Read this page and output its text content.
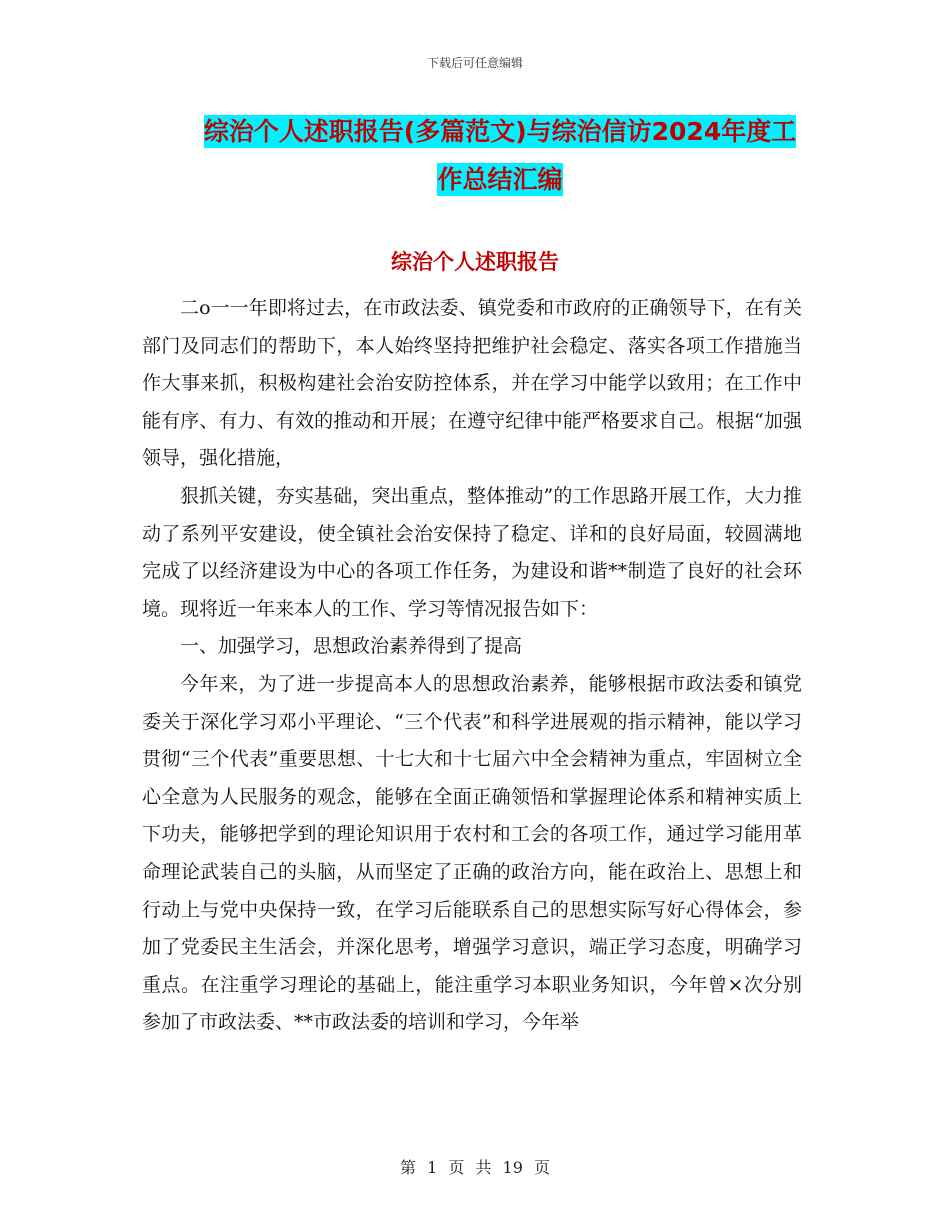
下载后可任意编辑
综治个人述职报告(多篇范文)与综治信访2024年度工
作总结汇编
综治个人述职报告

二o一一年即将过去，在市政法委、镇党委和市政府的正确领导下，在有关部门及同志们的帮助下，本人始终坚持把维护社会稳定、落实各项工作措施当作大事来抓，积极构建社会治安防控体系，并在学习中能学以致用；在工作中能有序、有力、有效的推动和开展；在遵守纪律中能严格要求自己。根据“加强领导，强化措施，

狠抓关键，夯实基础，突出重点，整体推动”的工作思路开展工作，大力推动了系列平安建设，使全镇社会治安保持了稳定、详和的良好局面，较圆满地完成了以经济建设为中心的各项工作任务，为建设和谐**制造了良好的社会环境。现将近一年来本人的工作、学习等情况报告如下：

一、加强学习，思想政治素养得到了提高

今年来，为了进一步提高本人的思想政治素养，能够根据市政法委和镇党委关于深化学习邓小平理论、“三个代表”和科学进展观的指示精神，能以学习贯彻“三个代表”重要思想、十七大和十七届六中全会精神为重点，牢固树立全心全意为人民服务的观念，能够在全面正确领悟和掌握理论体系和精神实质上下功夫，能够把学到的理论知识用于农村和工会的各项工作，通过学习能用革命理论武装自己的头脑，从而坚定了正确的政治方向，能在政治上、思想上和行动上与党中央保持一致，在学习后能联系自己的思想实际写好心得体会，参加了党委民主生活会，并深化思考，增强学习意识，端正学习态度，明确学习重点。在注重学习理论的基础上，能注重学习本职业务知识，今年曾×次分别参加了市政法委、**市政法委的培训和学习，今年举

第 1 页 共 19 页
